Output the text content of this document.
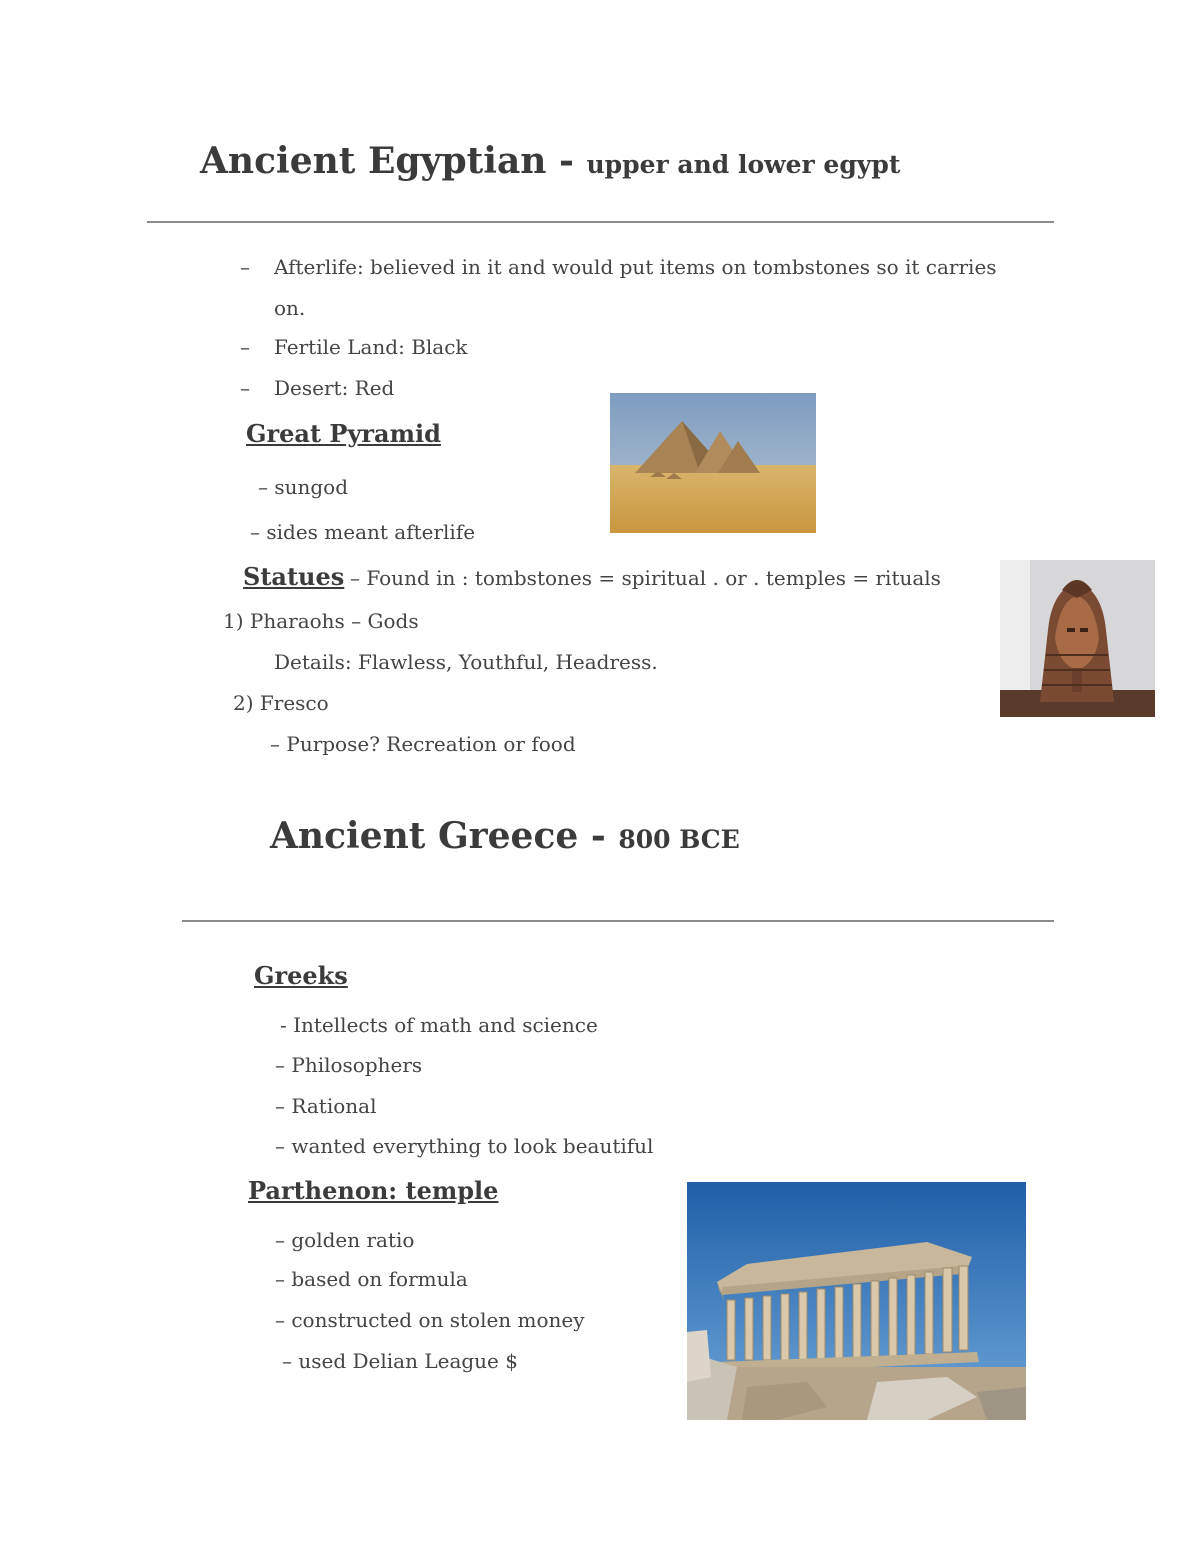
Ancient Egyptian - upper and lower egypt
– Afterlife: believed in it and would put items on tombstones so it carries
on.
– Fertile Land: Black
– Desert: Red
Great Pyramid
– sungod
– sides meant afterlife
Statues – Found in : tombstones = spiritual . or . temples = rituals
1) Pharaohs – Gods
Details: Flawless, Youthful, Headress.
2) Fresco
– Purpose? Recreation or food
Ancient Greece - 800 BCE
Greeks
- Intellects of math and science
– Philosophers
– Rational
– wanted everything to look beautiful
Parthenon: temple
– golden ratio
– based on formula
– constructed on stolen money
– used Delian League $
